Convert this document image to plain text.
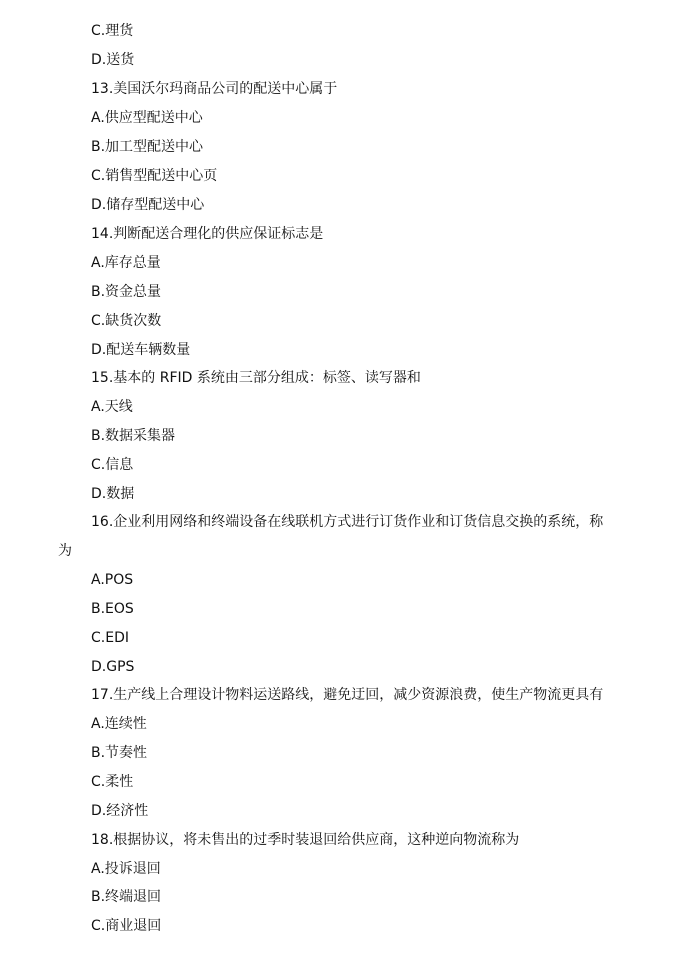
C.理货
D.送货
13.美国沃尔玛商品公司的配送中心属于
A.供应型配送中心
B.加工型配送中心
C.销售型配送中心页
D.储存型配送中心
14.判断配送合理化的供应保证标志是
A.库存总量
B.资金总量
C.缺货次数
D.配送车辆数量
15.基本的 RFID 系统由三部分组成：标签、读写器和
A.天线
B.数据采集器
C.信息
D.数据
16.企业利用网络和终端设备在线联机方式进行订货作业和订货信息交换的系统，称
为
A.POS
B.EOS
C.EDI
D.GPS
17.生产线上合理设计物料运送路线，避免迂回，减少资源浪费，使生产物流更具有
A.连续性
B.节奏性
C.柔性
D.经济性
18.根据协议，将未售出的过季时装退回给供应商，这种逆向物流称为
A.投诉退回
B.终端退回
C.商业退回
